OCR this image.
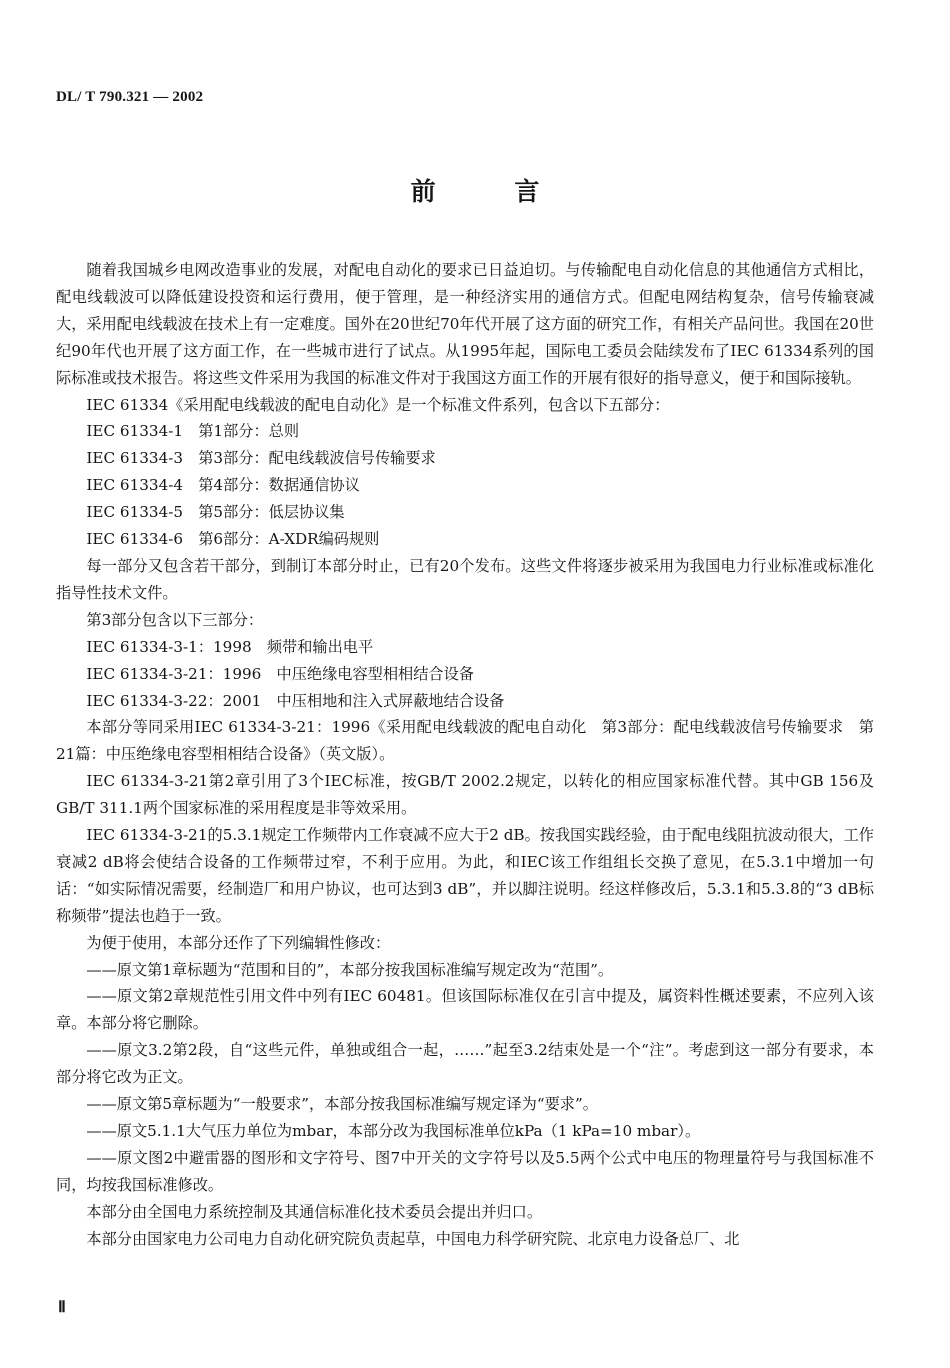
DL/ T 790.321 — 2002
前 言

随着我国城乡电网改造事业的发展，对配电自动化的要求已日益迫切。与传输配电自动化信息的其他通信方式相比，配电线载波可以降低建设投资和运行费用，便于管理，是一种经济实用的通信方式。但配电网结构复杂，信号传输衰减大，采用配电线载波在技术上有一定难度。国外在20世纪70年代开展了这方面的研究工作，有相关产品问世。我国在20世纪90年代也开展了这方面工作，在一些城市进行了试点。从1995年起，国际电工委员会陆续发布了IEC 61334系列的国际标准或技术报告。将这些文件采用为我国的标准文件对于我国这方面工作的开展有很好的指导意义，便于和国际接轨。

IEC 61334《采用配电线载波的配电自动化》是一个标准文件系列，包含以下五部分：

IEC 61334-1　第1部分：总则

IEC 61334-3　第3部分：配电线载波信号传输要求

IEC 61334-4　第4部分：数据通信协议

IEC 61334-5　第5部分：低层协议集

IEC 61334-6　第6部分：A-XDR编码规则

每一部分又包含若干部分，到制订本部分时止，已有20个发布。这些文件将逐步被采用为我国电力行业标准或标准化指导性技术文件。

第3部分包含以下三部分：

IEC 61334-3-1：1998　频带和输出电平

IEC 61334-3-21：1996　中压绝缘电容型相相结合设备

IEC 61334-3-22：2001　中压相地和注入式屏蔽地结合设备

本部分等同采用IEC 61334-3-21：1996《采用配电线载波的配电自动化　第3部分：配电线载波信号传输要求　第21篇：中压绝缘电容型相相结合设备》（英文版）。

IEC 61334-3-21第2章引用了3个IEC标准，按GB/T 2002.2规定，以转化的相应国家标准代替。其中GB 156及GB/T 311.1两个国家标准的采用程度是非等效采用。

IEC 61334-3-21的5.3.1规定工作频带内工作衰减不应大于2 dB。按我国实践经验，由于配电线阻抗波动很大，工作衰减2 dB将会使结合设备的工作频带过窄，不利于应用。为此，和IEC该工作组组长交换了意见，在5.3.1中增加一句话：“如实际情况需要，经制造厂和用户协议，也可达到3 dB”，并以脚注说明。经这样修改后，5.3.1和5.3.8的“3 dB标称频带”提法也趋于一致。

为便于使用，本部分还作了下列编辑性修改：

——原文第1章标题为“范围和目的”，本部分按我国标准编写规定改为“范围”。

——原文第2章规范性引用文件中列有IEC 60481。但该国际标准仅在引言中提及，属资料性概述要素，不应列入该章。本部分将它删除。

——原文3.2第2段，自“这些元件，单独或组合一起，……”起至3.2结束处是一个“注”。考虑到这一部分有要求，本部分将它改为正文。

——原文第5章标题为“一般要求”，本部分按我国标准编写规定译为“要求”。

——原文5.1.1大气压力单位为mbar，本部分改为我国标准单位kPa（1 kPa=10 mbar）。

——原文图2中避雷器的图形和文字符号、图7中开关的文字符号以及5.5两个公式中电压的物理量符号与我国标准不同，均按我国标准修改。

本部分由全国电力系统控制及其通信标准化技术委员会提出并归口。

本部分由国家电力公司电力自动化研究院负责起草，中国电力科学研究院、北京电力设备总厂、北

Ⅱ
